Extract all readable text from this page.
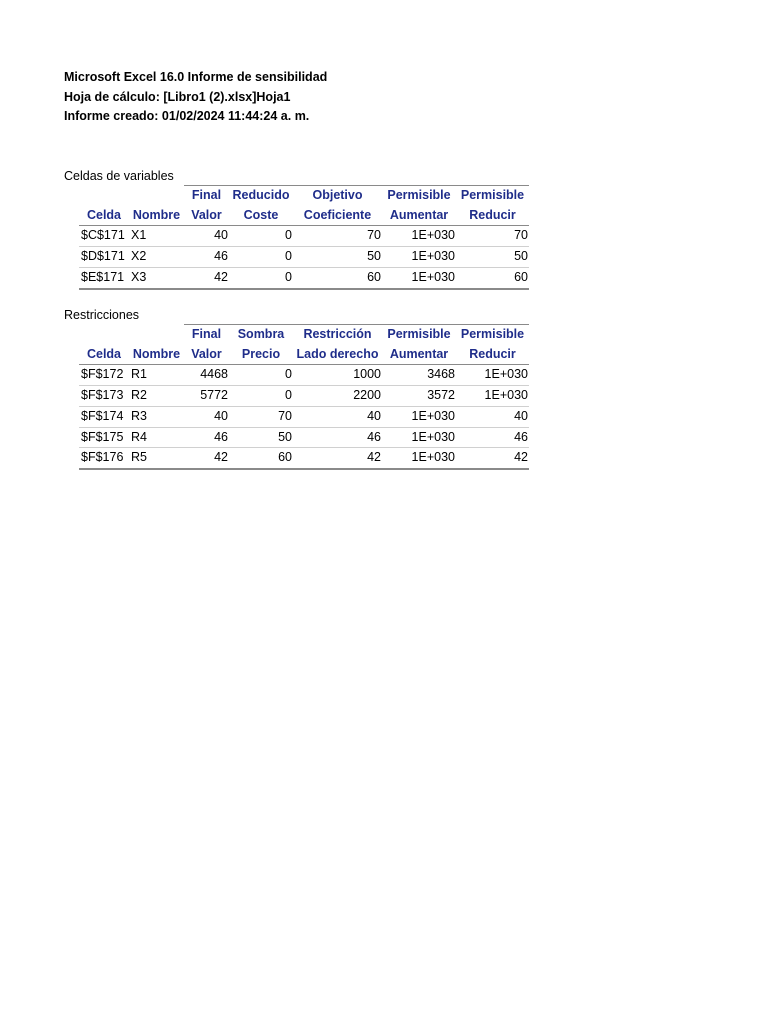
Microsoft Excel 16.0 Informe de sensibilidad
Hoja de cálculo: [Libro1 (2).xlsx]Hoja1
Informe creado: 01/02/2024 11:44:24 a. m.
Celdas de variables
		Final	Reducido	Objetivo	Permisible	Permisible
Celda	Nombre	Valor	Coste	Coeficiente	Aumentar	Reducir
$C$171	X1	40	0	70	1E+030	70
$D$171	X2	46	0	50	1E+030	50
$E$171	X3	42	0	60	1E+030	60
Restricciones
		Final	Sombra	Restricción	Permisible	Permisible
Celda	Nombre	Valor	Precio	Lado derecho	Aumentar	Reducir
$F$172	R1	4468	0	1000	3468	1E+030
$F$173	R2	5772	0	2200	3572	1E+030
$F$174	R3	40	70	40	1E+030	40
$F$175	R4	46	50	46	1E+030	46
$F$176	R5	42	60	42	1E+030	42
